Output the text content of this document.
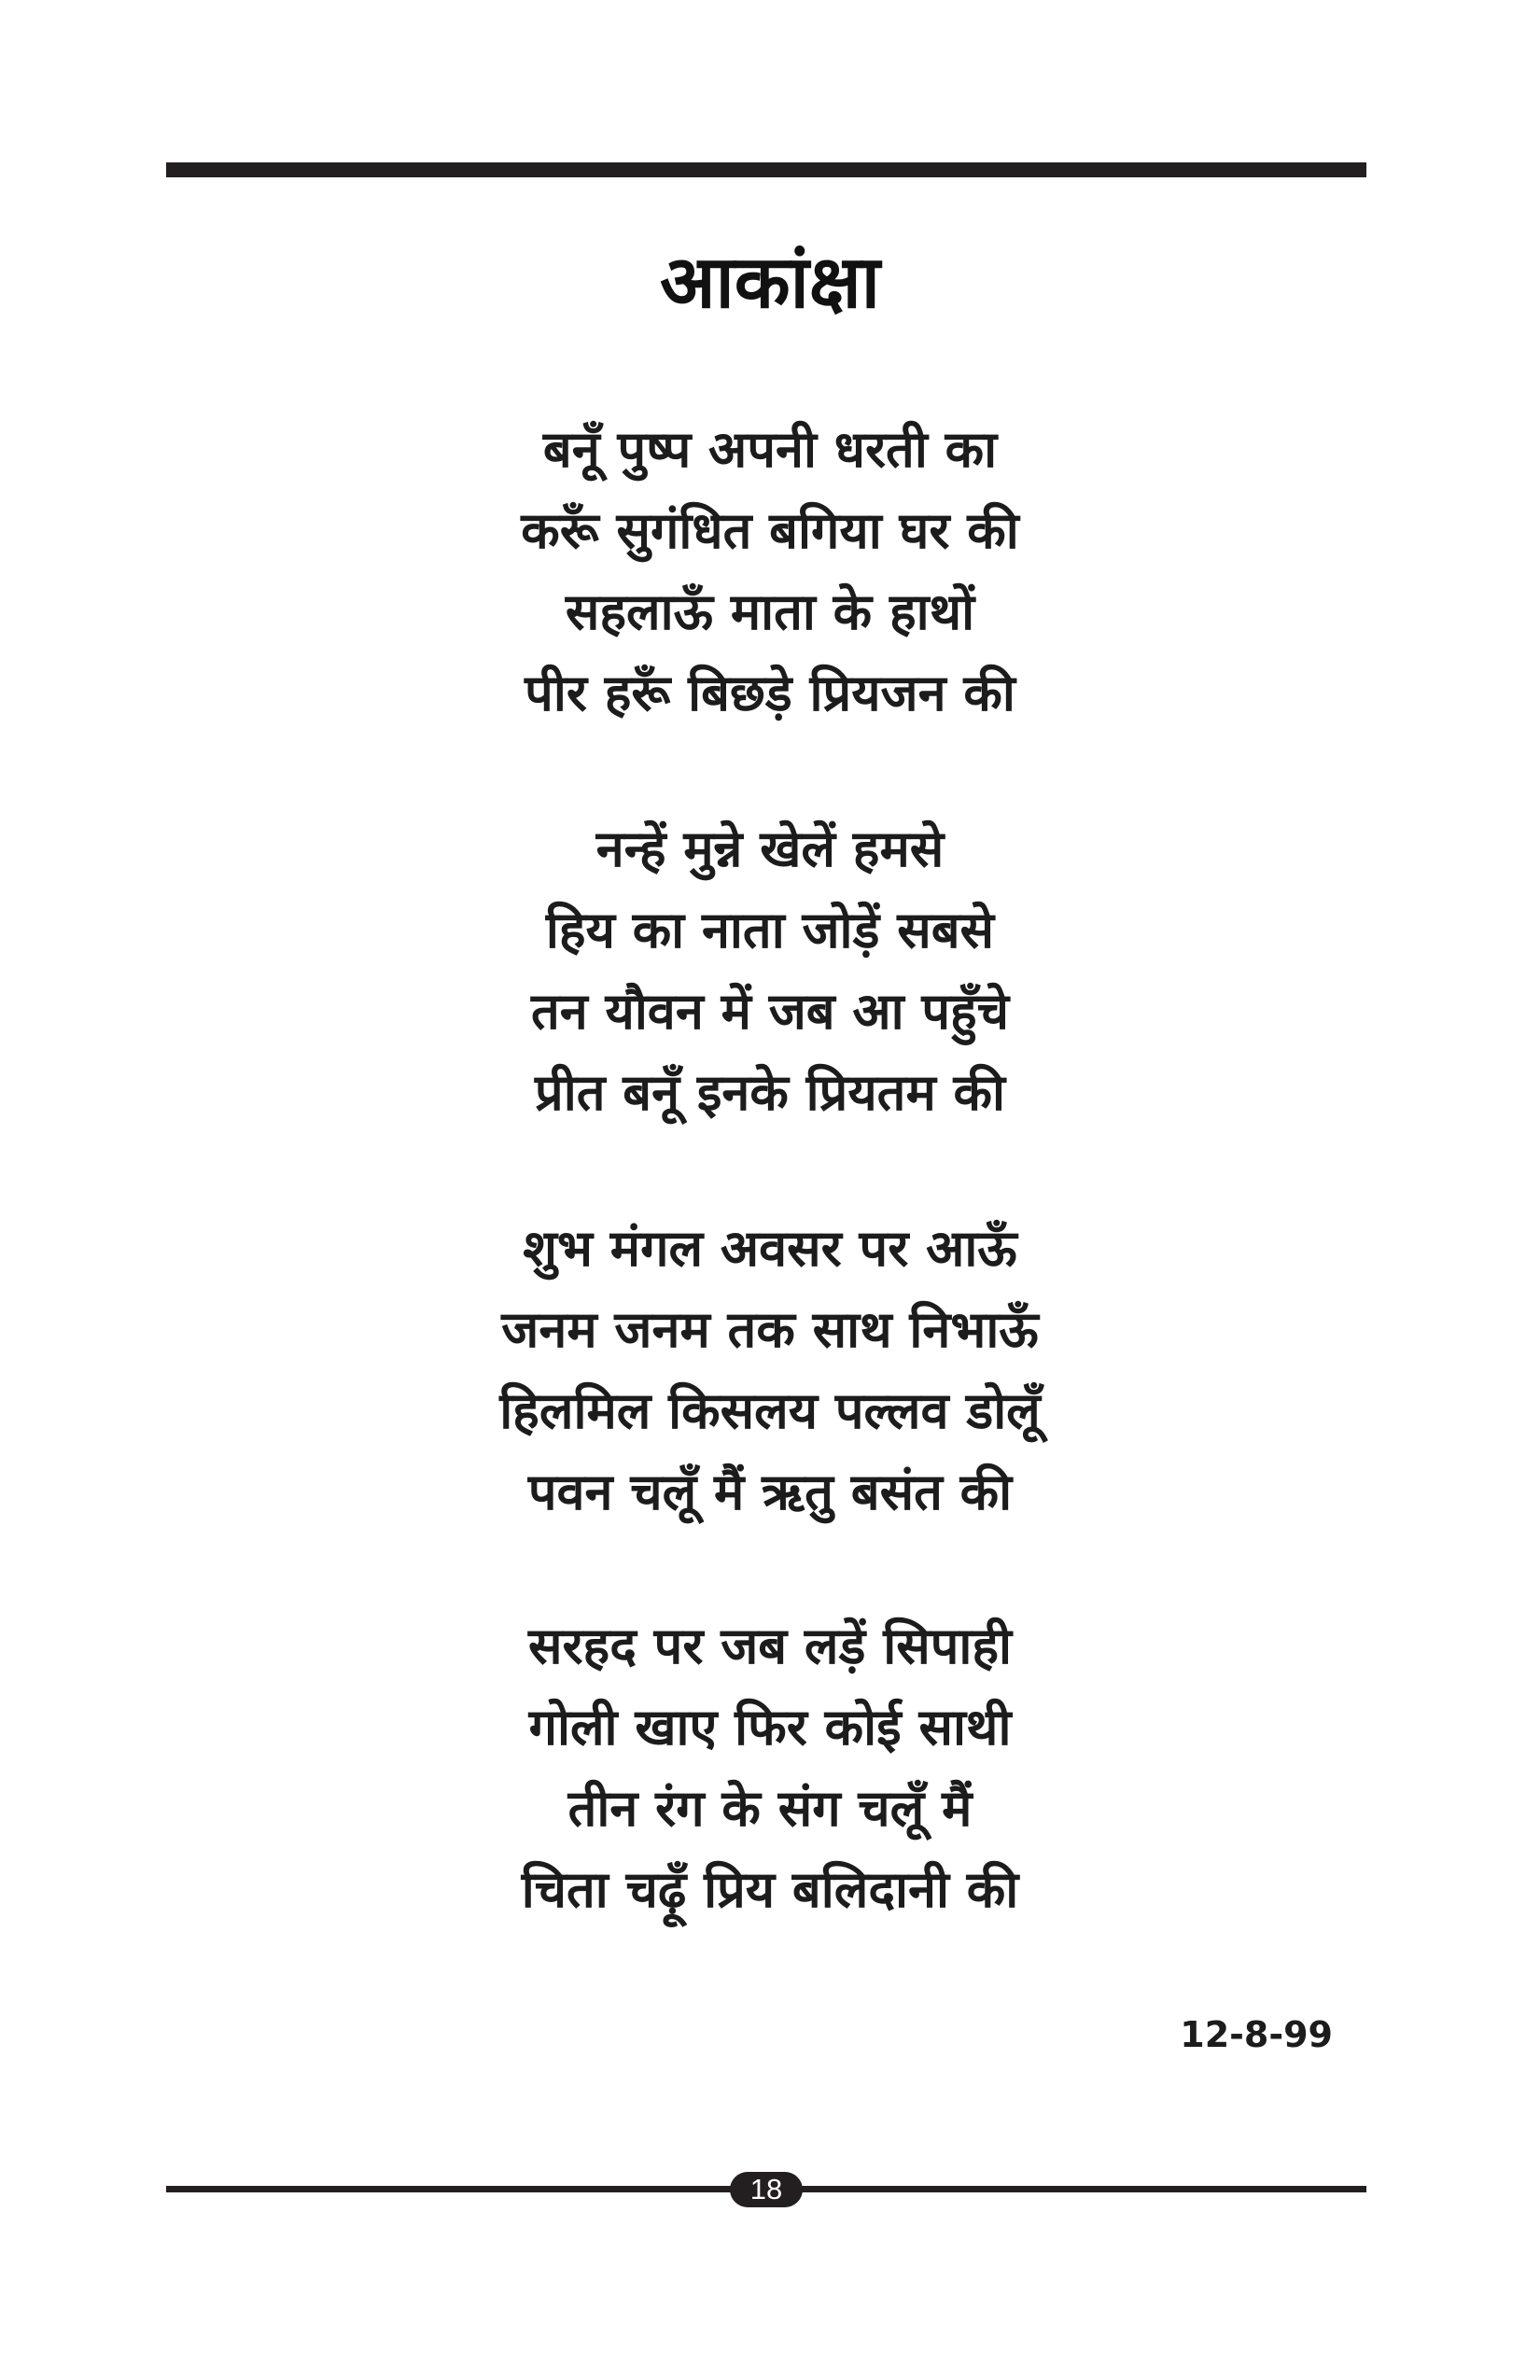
आकांक्षा
बनूँ पुष्प अपनी धरती का
करूँ सुगंधित बगिया घर की
सहलाऊँ माता के हाथों
पीर हरूँ बिछड़े प्रियजन की
नन्हें मुन्ने खेलें हमसे
हिय का नाता जोड़ें सबसे
तन यौवन में जब आ पहुँचे
प्रीत बनूँ इनके प्रियतम की
शुभ मंगल अवसर पर आऊँ
जनम जनम तक साथ निभाऊँ
हिलमिल किसलय पल्लव डोलूँ
पवन चलूँ मैं ऋतु बसंत की
सरहद पर जब लड़ें सिपाही
गोली खाए फिर कोई साथी
तीन रंग के संग चलूँ मैं
चिता चढ़ूँ प्रिय बलिदानी की
12-8-99
18
